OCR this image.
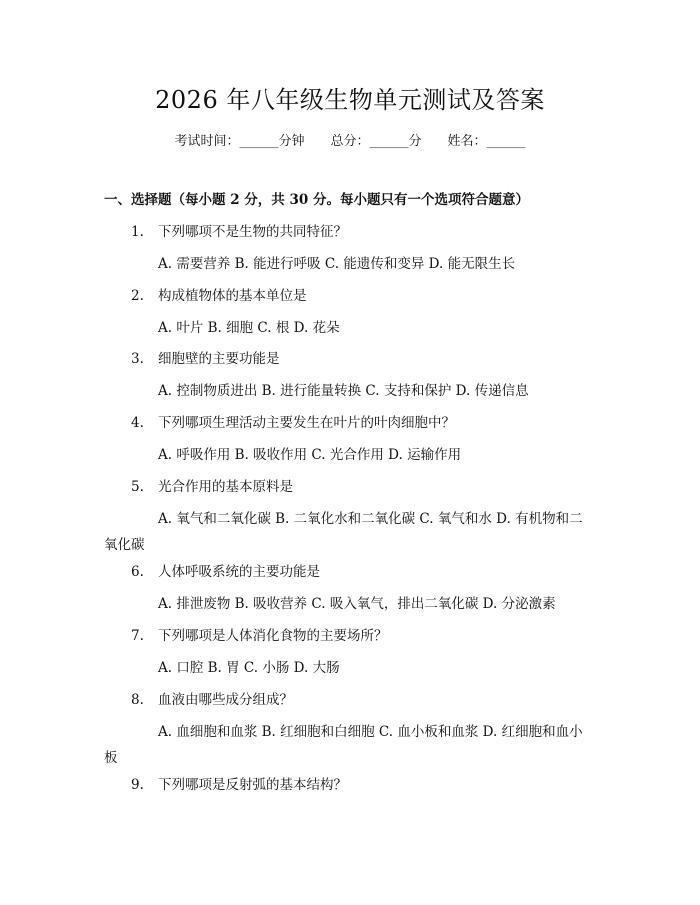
2026 年八年级生物单元测试及答案
考试时间：______分钟 总分：______分 姓名：______
一、选择题（每小题 2 分，共 30 分。每小题只有一个选项符合题意）
1. 下列哪项不是生物的共同特征？
A. 需要营养 B. 能进行呼吸 C. 能遗传和变异 D. 能无限生长
2. 构成植物体的基本单位是
A. 叶片 B. 细胞 C. 根 D. 花朵
3. 细胞壁的主要功能是
A. 控制物质进出 B. 进行能量转换 C. 支持和保护 D. 传递信息
4. 下列哪项生理活动主要发生在叶片的叶肉细胞中？
A. 呼吸作用 B. 吸收作用 C. 光合作用 D. 运输作用
5. 光合作用的基本原料是
A. 氧气和二氧化碳 B. 二氧化水和二氧化碳 C. 氧气和水 D. 有机物和二氧化碳
6. 人体呼吸系统的主要功能是
A. 排泄废物 B. 吸收营养 C. 吸入氧气，排出二氧化碳 D. 分泌激素
7. 下列哪项是人体消化食物的主要场所？
A. 口腔 B. 胃 C. 小肠 D. 大肠
8. 血液由哪些成分组成？
A. 血细胞和血浆 B. 红细胞和白细胞 C. 血小板和血浆 D. 红细胞和血小板
9. 下列哪项是反射弧的基本结构？
